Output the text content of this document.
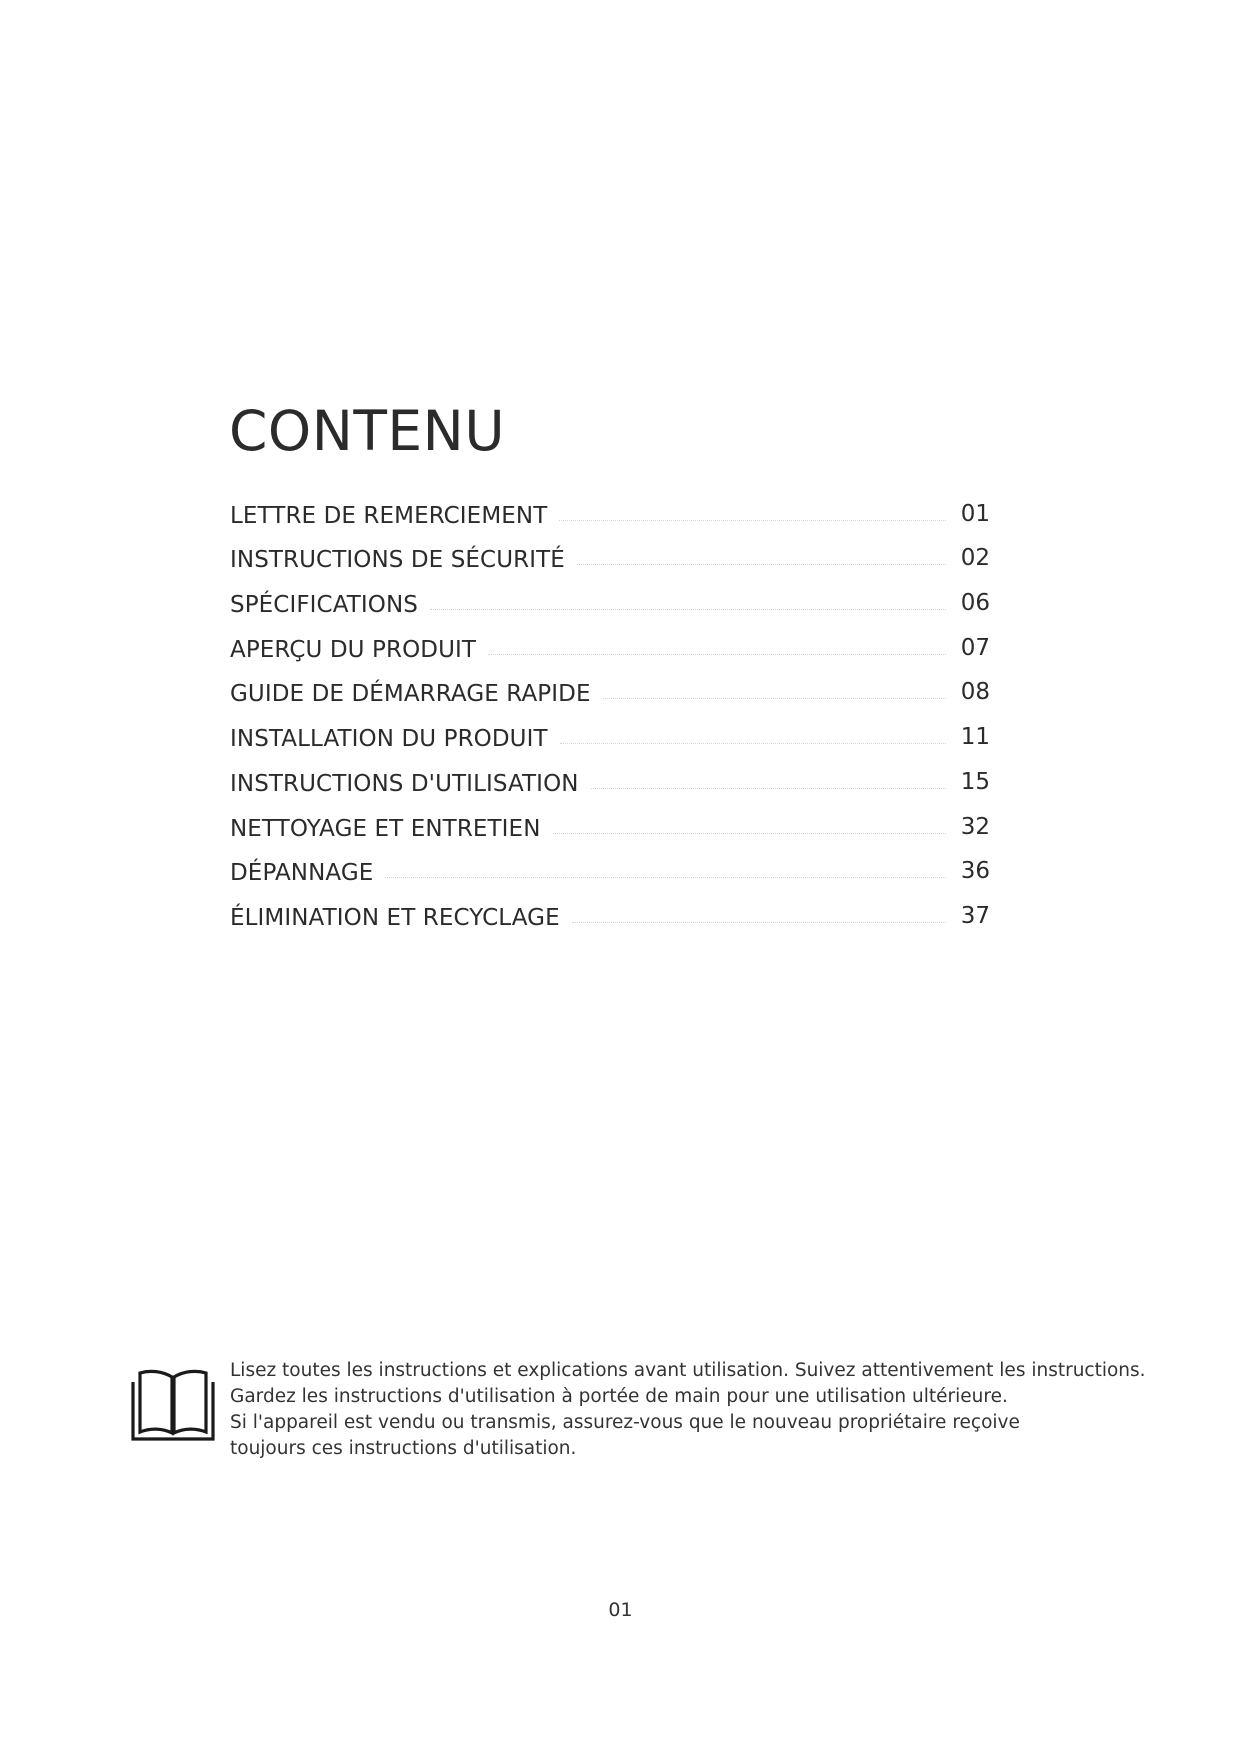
CONTENU
LETTRE DE REMERCIEMENT	01
INSTRUCTIONS DE SÉCURITÉ	02
SPÉCIFICATIONS	06
APERÇU DU PRODUIT	07
GUIDE DE DÉMARRAGE RAPIDE	08
INSTALLATION DU PRODUIT	11
INSTRUCTIONS D'UTILISATION	15
NETTOYAGE ET ENTRETIEN	32
DÉPANNAGE	36
ÉLIMINATION ET RECYCLAGE	37

Lisez toutes les instructions et explications avant utilisation. Suivez attentivement les instructions.

Gardez les instructions d'utilisation à portée de main pour une utilisation ultérieure.

Si l'appareil est vendu ou transmis, assurez-vous que le nouveau propriétaire reçoive

toujours ces instructions d'utilisation.

01
